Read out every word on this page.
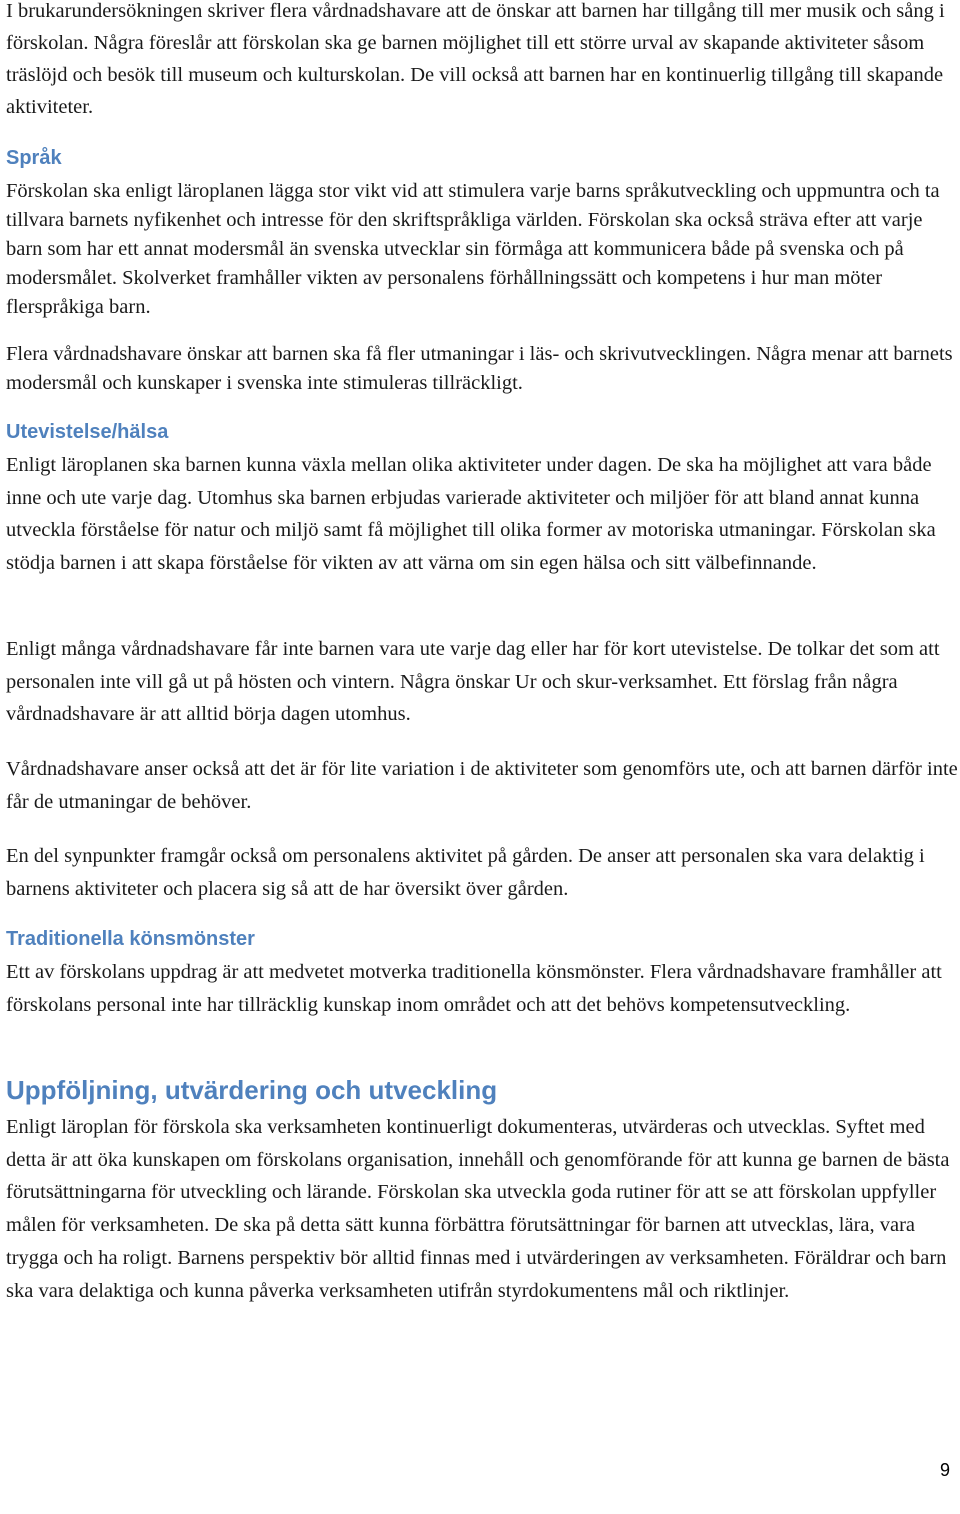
I brukarundersökningen skriver flera vårdnadshavare att de önskar att barnen har tillgång till mer musik och sång i förskolan. Några föreslår att förskolan ska ge barnen möjlighet till ett större urval av skapande aktiviteter såsom träslöjd och besök till museum och kulturskolan. De vill också att barnen har en kontinuerlig tillgång till skapande aktiviteter.

Språk

Förskolan ska enligt läroplanen lägga stor vikt vid att stimulera varje barns språkutveckling och uppmuntra och ta tillvara barnets nyfikenhet och intresse för den skriftspråkliga världen. Förskolan ska också sträva efter att varje barn som har ett annat modersmål än svenska utvecklar sin förmåga att kommunicera både på svenska och på modersmålet. Skolverket framhåller vikten av personalens förhållningssätt och kompetens i hur man möter flerspråkiga barn.

Flera vårdnadshavare önskar att barnen ska få fler utmaningar i läs- och skrivutvecklingen. Några menar att barnets modersmål och kunskaper i svenska inte stimuleras tillräckligt.

Utevistelse/hälsa

Enligt läroplanen ska barnen kunna växla mellan olika aktiviteter under dagen. De ska ha möjlighet att vara både inne och ute varje dag. Utomhus ska barnen erbjudas varierade aktiviteter och miljöer för att bland annat kunna utveckla förståelse för natur och miljö samt få möjlighet till olika former av motoriska utmaningar. Förskolan ska stödja barnen i att skapa förståelse för vikten av att värna om sin egen hälsa och sitt välbefinnande.

Enligt många vårdnadshavare får inte barnen vara ute varje dag eller har för kort utevistelse. De tolkar det som att personalen inte vill gå ut på hösten och vintern. Några önskar Ur och skur-verksamhet. Ett förslag från några vårdnadshavare är att alltid börja dagen utomhus.

Vårdnadshavare anser också att det är för lite variation i de aktiviteter som genomförs ute, och att barnen därför inte får de utmaningar de behöver.

En del synpunkter framgår också om personalens aktivitet på gården. De anser att personalen ska vara delaktig i barnens aktiviteter och placera sig så att de har översikt över gården.

Traditionella könsmönster

Ett av förskolans uppdrag är att medvetet motverka traditionella könsmönster. Flera vårdnadshavare framhåller att förskolans personal inte har tillräcklig kunskap inom området och att det behövs kompetensutveckling.

Uppföljning, utvärdering och utveckling

Enligt läroplan för förskola ska verksamheten kontinuerligt dokumenteras, utvärderas och utvecklas. Syftet med detta är att öka kunskapen om förskolans organisation, innehåll och genomförande för att kunna ge barnen de bästa förutsättningarna för utveckling och lärande. Förskolan ska utveckla goda rutiner för att se att förskolan uppfyller målen för verksamheten. De ska på detta sätt kunna förbättra förutsättningar för barnen att utvecklas, lära, vara trygga och ha roligt. Barnens perspektiv bör alltid finnas med i utvärderingen av verksamheten. Föräldrar och barn ska vara delaktiga och kunna påverka verksamheten utifrån styrdokumentens mål och riktlinjer.

9
